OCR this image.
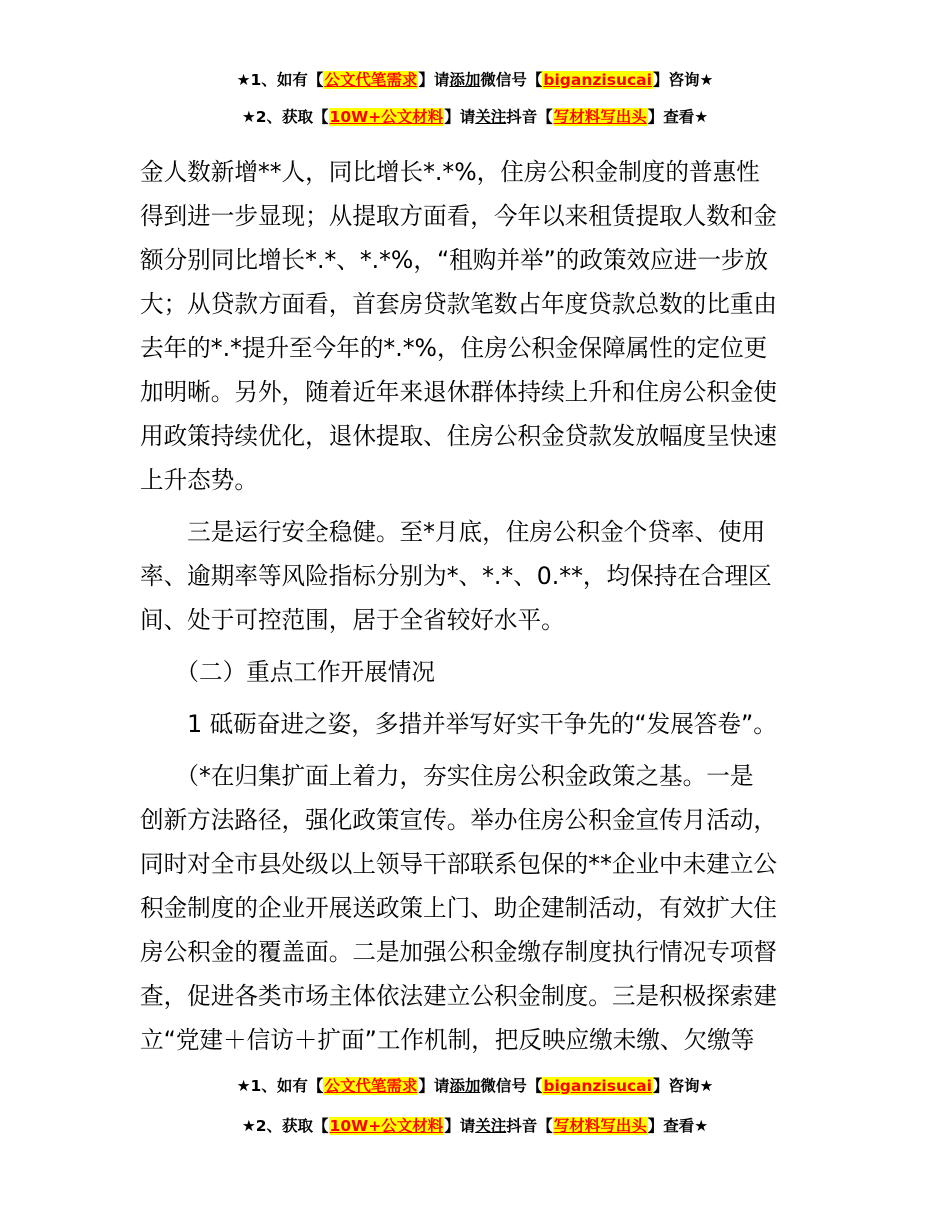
★1、如有【公文代笔需求】请添加微信号【biganzisucai】咨询★
★2、获取【10W+公文材料】请关注抖音【写材料写出头】查看★

金人数新增**人，同比增长*.*%，住房公积金制度的普惠性

得到进一步显现；从提取方面看，今年以来租赁提取人数和金

额分别同比增长*.*、*.*%，“租购并举”的政策效应进一步放

大；从贷款方面看，首套房贷款笔数占年度贷款总数的比重由

去年的*.*提升至今年的*.*%，住房公积金保障属性的定位更

加明晰。另外，随着近年来退休群体持续上升和住房公积金使

用政策持续优化，退休提取、住房公积金贷款发放幅度呈快速

上升态势。

　　三是运行安全稳健。至*月底，住房公积金个贷率、使用

率、逾期率等风险指标分别为*、*.*、0.**，均保持在合理区

间、处于可控范围，居于全省较好水平。

　　（二）重点工作开展情况

　　1 砥砺奋进之姿，多措并举写好实干争先的“发展答卷”。

　　（*在归集扩面上着力，夯实住房公积金政策之基。一是

创新方法路径，强化政策宣传。举办住房公积金宣传月活动，

同时对全市县处级以上领导干部联系包保的**企业中未建立公

积金制度的企业开展送政策上门、助企建制活动，有效扩大住

房公积金的覆盖面。二是加强公积金缴存制度执行情况专项督

查，促进各类市场主体依法建立公积金制度。三是积极探索建

立“党建＋信访＋扩面”工作机制，把反映应缴未缴、欠缴等

★1、如有【公文代笔需求】请添加微信号【biganzisucai】咨询★
★2、获取【10W+公文材料】请关注抖音【写材料写出头】查看★
